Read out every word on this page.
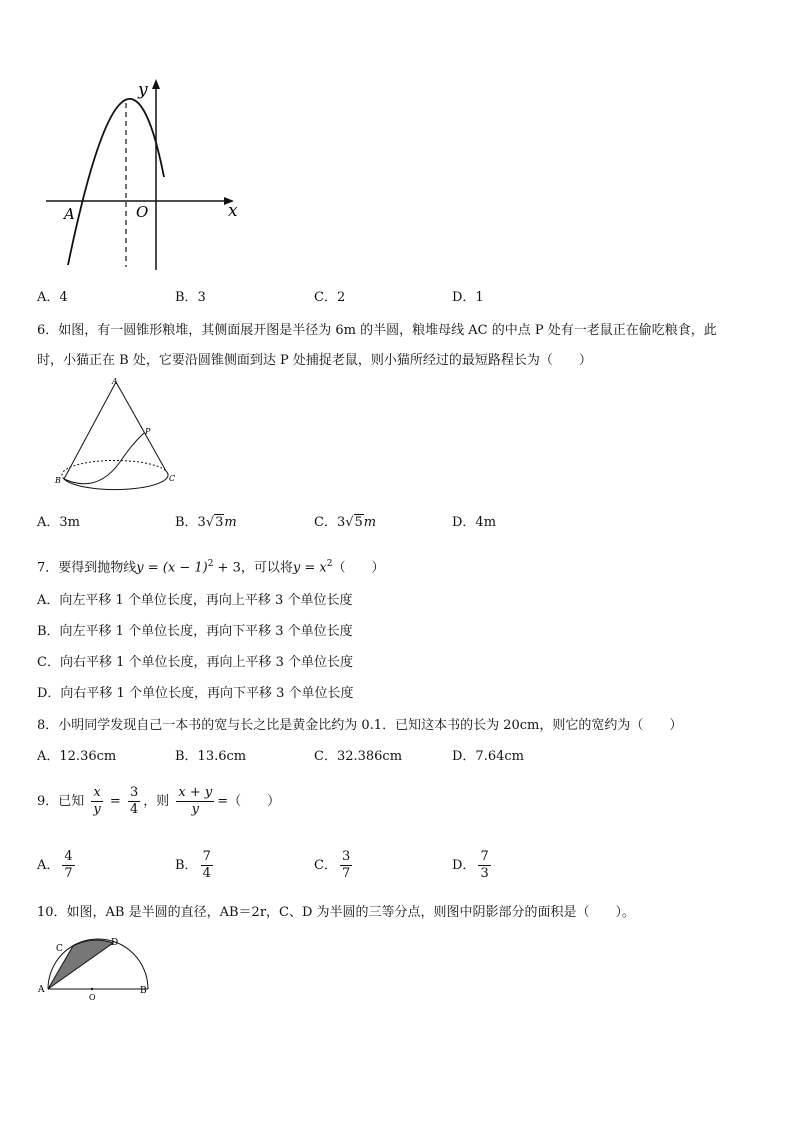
y
x
O
A
A．4	B．3	C．2	D．1
6．如图，有一圆锥形粮堆，其侧面展开图是半径为 6m 的半圆，粮堆母线 AC 的中点 P 处有一老鼠正在偷吃粮食，此
时，小猫正在 B 处，它要沿圆锥侧面到达 P 处捕捉老鼠，则小猫所经过的最短路程长为（　　）
A
B	C
P
A．3m	B．3√3m	C．3√5m	D．4m
7．要得到抛物线$y = (x - 1)^2 + 3$，可以将$y = x^2$（　　）
A．向左平移 1 个单位长度，再向上平移 3 个单位长度
B．向左平移 1 个单位长度，再向下平移 3 个单位长度
C．向右平移 1 个单位长度，再向上平移 3 个单位长度
D．向右平移 1 个单位长度，再向下平移 3 个单位长度
8．小明同学发现自己一本书的宽与长之比是黄金比约为 0.1．已知这本书的长为 20cm，则它的宽约为（　　）
A．12.36cm	B．13.6cm	C．32.386cm	D．7.64cm
9．已知 $\frac{x}{y} = \frac{3}{4}$ ，则 $\frac{x + y}{y}$ =（　　）
A． $\frac{4}{7}$	B． $\frac{7}{4}$	C． $\frac{3}{7}$	D． $\frac{7}{3}$
10．如图，AB 是半圆的直径，AB＝2r，C、D 为半圆的三等分点，则图中阴影部分的面积是（　　）。
A	B
C
D
O
